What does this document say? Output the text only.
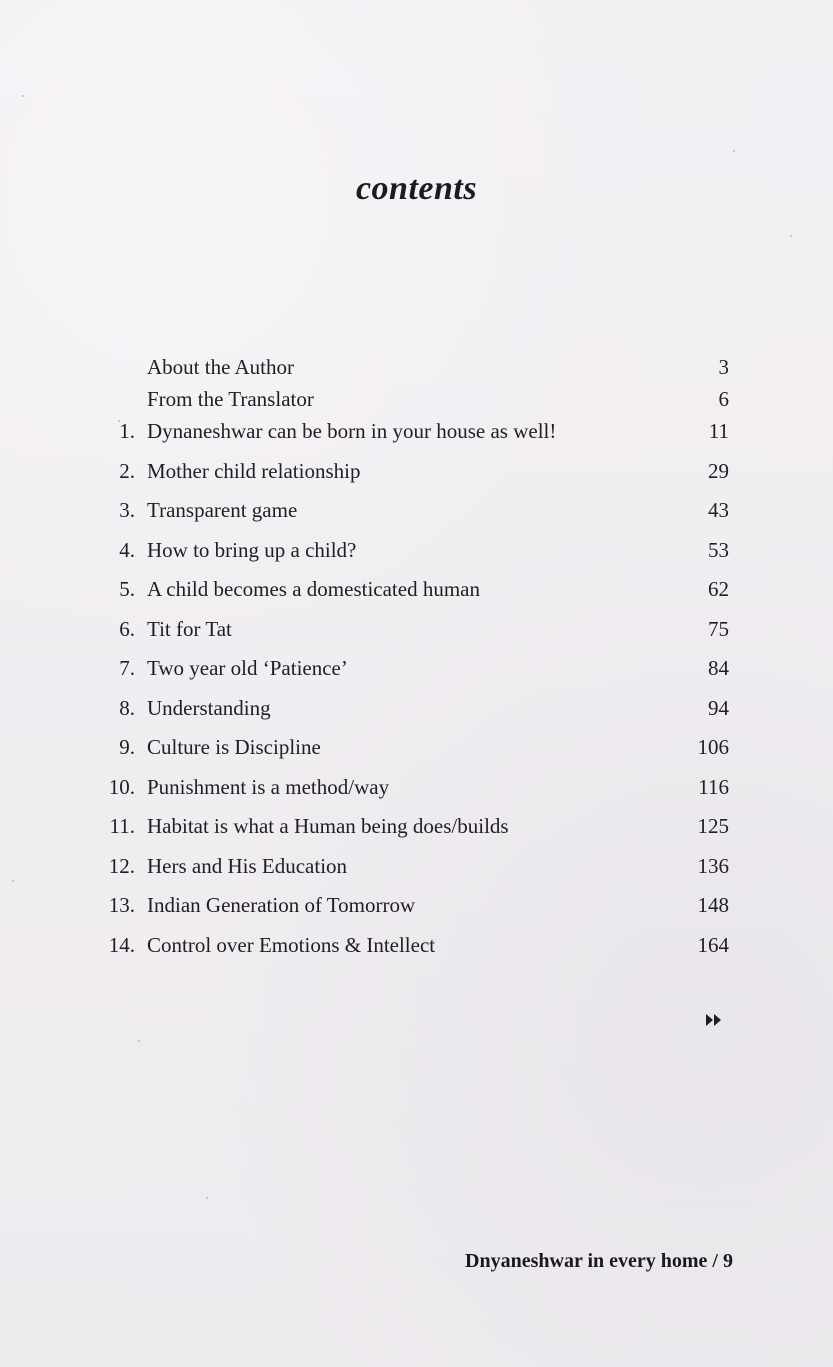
contents
About the Author	3
From the Translator	6
1. Dynaneshwar can be born in your house as well!	11
2. Mother child relationship	29
3. Transparent game	43
4. How to bring up a child?	53
5. A child becomes a domesticated human	62
6. Tit for Tat	75
7. Two year old ‘Patience’	84
8. Understanding	94
9. Culture is Discipline	106
10. Punishment is a method/way	116
11. Habitat is what a Human being does/builds	125
12. Hers and His Education	136
13. Indian Generation of Tomorrow	148
14. Control over Emotions & Intellect	164
Dnyaneshwar in every home / 9
